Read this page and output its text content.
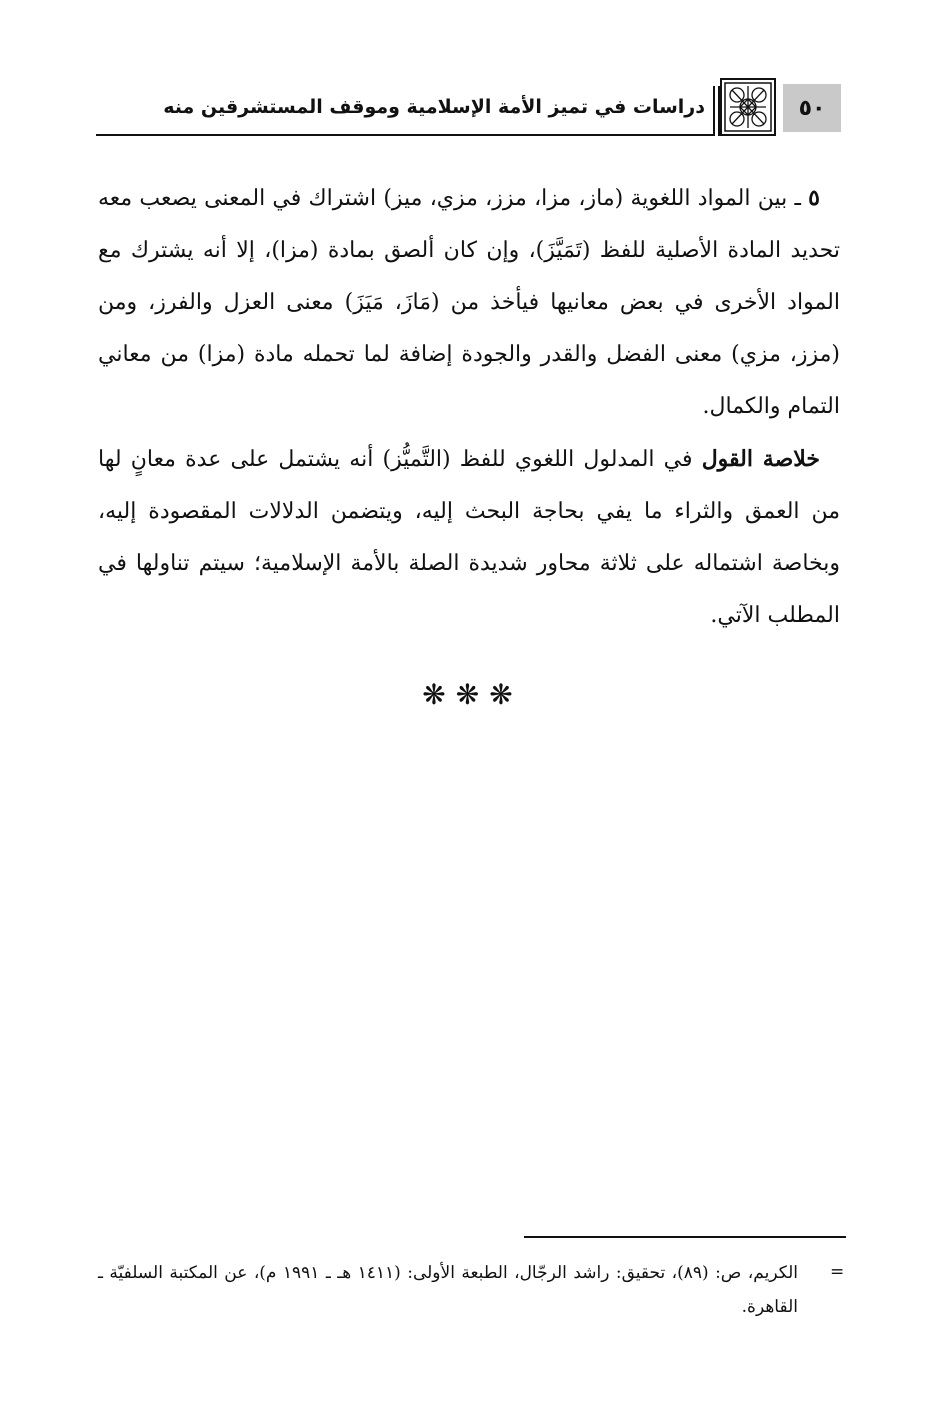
٥٠
دراسات في تميز الأمة الإسلامية وموقف المستشرقين منه

٥ ـ بين المواد اللغوية (ماز، مزا، مزز، مزي، ميز) اشتراك في المعنى يصعب معه تحديد المادة الأصلية للفظ (تَمَيَّزَ)، وإن كان ألصق بمادة (مزا)، إلا أنه يشترك مع المواد الأخرى في بعض معانيها فيأخذ من (مَازَ، مَيَزَ) معنى العزل والفرز، ومن (مزز، مزي) معنى الفضل والقدر والجودة إضافة لما تحمله مادة (مزا) من معاني التمام والكمال.

خلاصة القول في المدلول اللغوي للفظ (التَّميُّز) أنه يشتمل على عدة معانٍ لها من العمق والثراء ما يفي بحاجة البحث إليه، ويتضمن الدلالات المقصودة إليه، وبخاصة اشتماله على ثلاثة محاور شديدة الصلة بالأمة الإسلامية؛ سيتم تناولها في المطلب الآتي.

❋❋❋
=
الكريم، ص: (٨٩)، تحقيق: راشد الرجّال، الطبعة الأولى: (١٤١١ هـ ـ ١٩٩١ م)، عن المكتبة السلفيّة ـ القاهرة.
